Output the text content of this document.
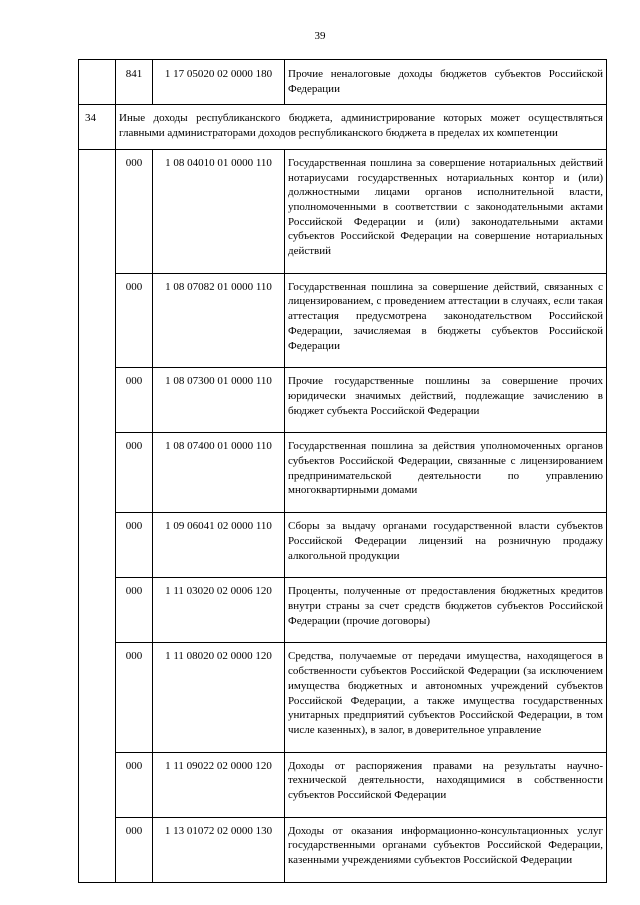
39
	841	1 17 05020 02 0000 180	Прочие неналоговые доходы бюджетов субъектов Российской Федерации
34	Иные доходы республиканского бюджета, администрирование которых может осуществляться главными администраторами доходов республиканского бюджета в пределах их компетенции		
	000	1 08 04010 01 0000 110	Государственная пошлина за совершение нотариальных действий нотариусами государственных нотариальных контор и (или) должностными лицами органов исполнительной власти, уполномоченными в соответствии с законодательными актами Российской Федерации и (или) законодательными актами субъектов Российской Федерации на совершение нотариальных действий
	000	1 08 07082 01 0000 110	Государственная пошлина за совершение действий, связанных с лицензированием, с проведением аттестации в случаях, если такая аттестация предусмотрена законодательством Российской Федерации, зачисляемая в бюджеты субъектов Российской Федерации
	000	1 08 07300 01 0000 110	Прочие государственные пошлины за совершение прочих юридически значимых действий, подлежащие зачислению в бюджет субъекта Российской Федерации
	000	1 08 07400 01 0000 110	Государственная пошлина за действия уполномоченных органов субъектов Российской Федерации, связанные с лицензированием предпринимательской деятельности по управлению многоквартирными домами
	000	1 09 06041 02 0000 110	Сборы за выдачу органами государственной власти субъектов Российской Федерации лицензий на розничную продажу алкогольной продукции
	000	1 11 03020 02 0006 120	Проценты, полученные от предоставления бюджетных кредитов внутри страны за счет средств бюджетов субъектов Российской Федерации (прочие договоры)
	000	1 11 08020 02 0000 120	Средства, получаемые от передачи имущества, находящегося в собственности субъектов Российской Федерации (за исключением имущества бюджетных и автономных учреждений субъектов Российской Федерации, а также имущества государственных унитарных предприятий субъектов Российской Федерации, в том числе казенных), в залог, в доверительное управление
	000	1 11 09022 02 0000 120	Доходы от распоряжения правами на результаты научно-технической деятельности, находящимися в собственности субъектов Российской Федерации
	000	1 13 01072 02 0000 130	Доходы от оказания информационно-консультационных услуг государственными органами субъектов Российской Федерации, казенными учреждениями субъектов Российской Федерации
